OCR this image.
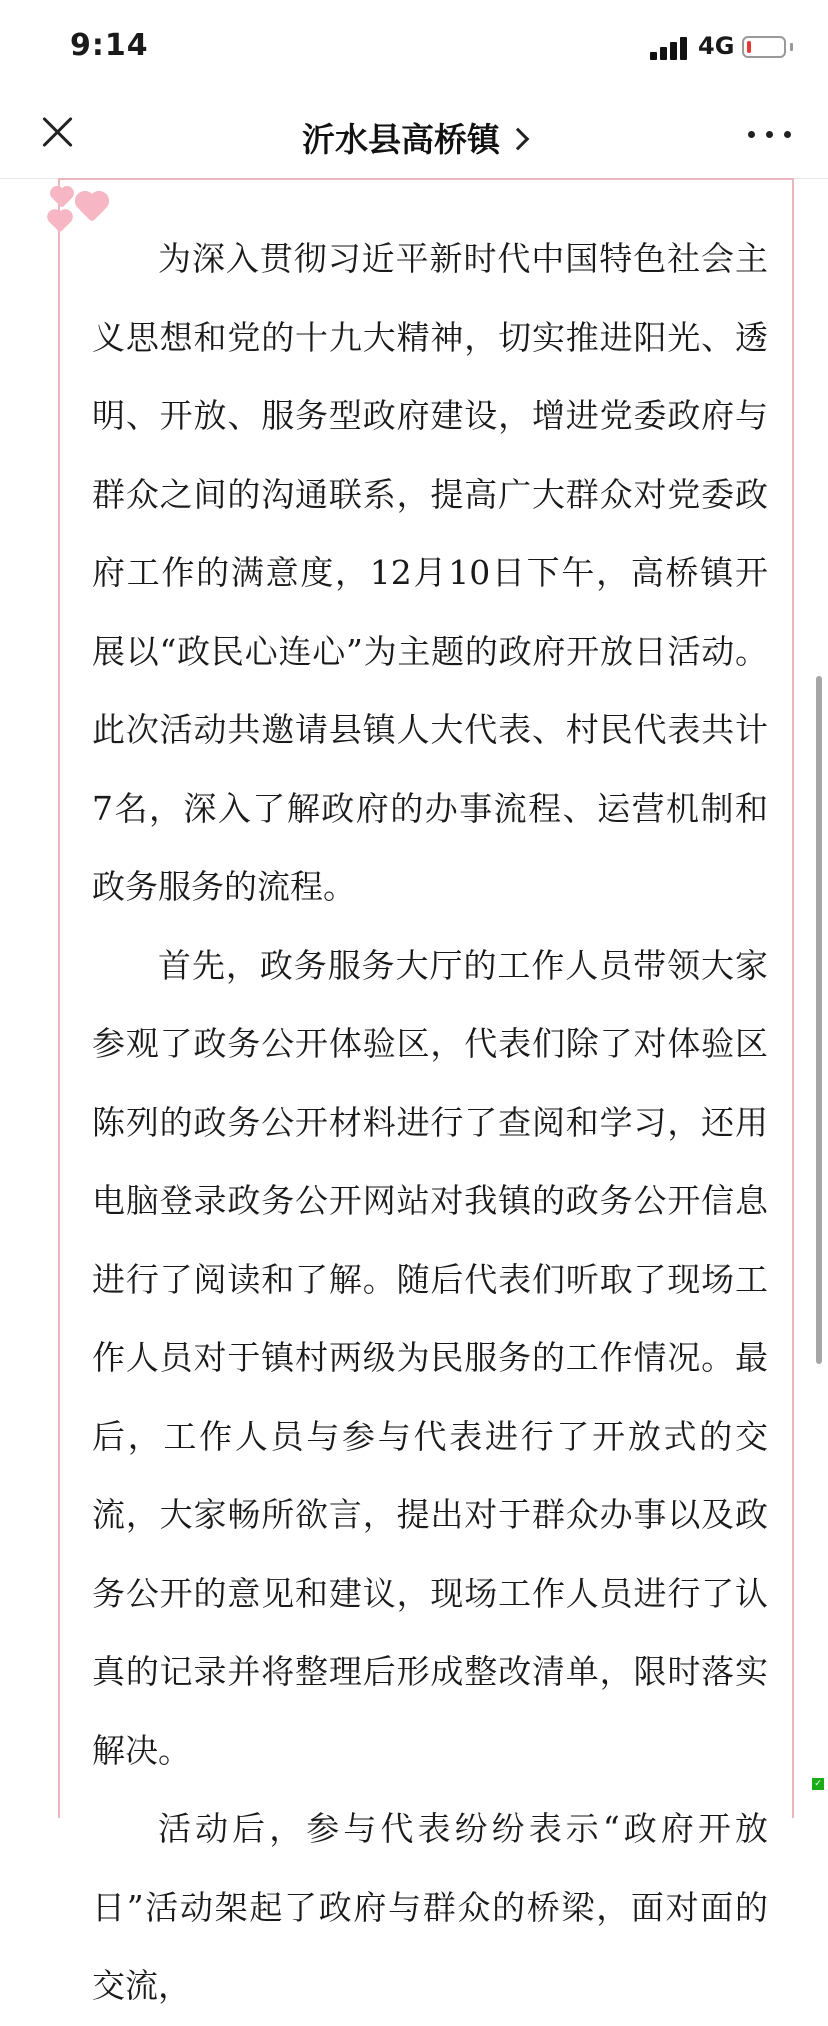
9:14	4G
沂水县高桥镇

为深入贯彻习近平新时代中国特色社会主义思想和党的十九大精神，切实推进阳光、透明、开放、服务型政府建设，增进党委政府与群众之间的沟通联系，提高广大群众对党委政府工作的满意度，12月10日下午，高桥镇开展以“政民心连心”为主题的政府开放日活动。此次活动共邀请县镇人大代表、村民代表共计7名，深入了解政府的办事流程、运营机制和政务服务的流程。

首先，政务服务大厅的工作人员带领大家参观了政务公开体验区，代表们除了对体验区陈列的政务公开材料进行了查阅和学习，还用电脑登录政务公开网站对我镇的政务公开信息进行了阅读和了解。随后代表们听取了现场工作人员对于镇村两级为民服务的工作情况。最后，工作人员与参与代表进行了开放式的交流，大家畅所欲言，提出对于群众办事以及政务公开的意见和建议，现场工作人员进行了认真的记录并将整理后形成整改清单，限时落实解决。

活动后，参与代表纷纷表示“政府开放日”活动架起了政府与群众的桥梁，面对面的交流，

✓
